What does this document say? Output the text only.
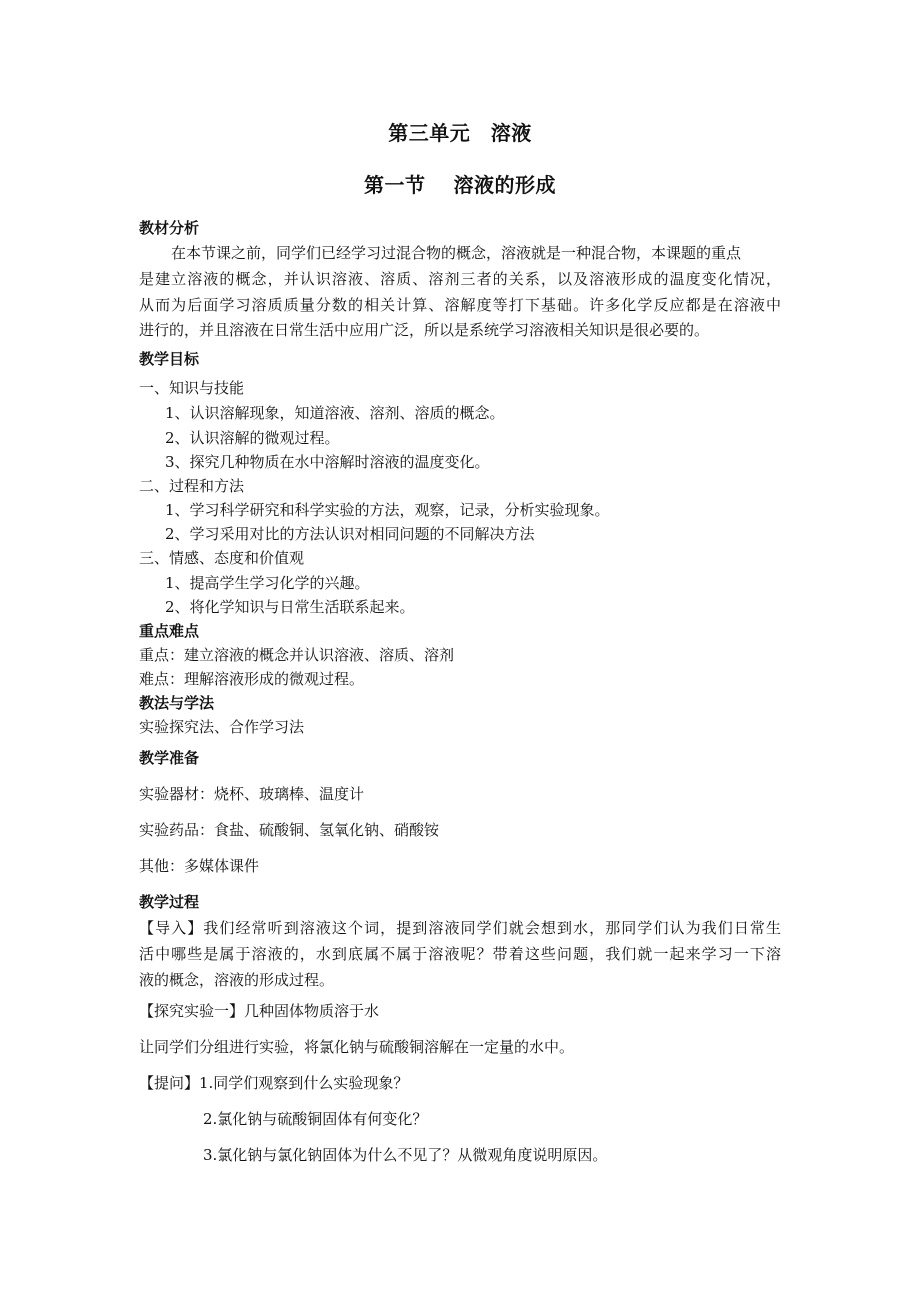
第三单元　溶液
第一节　 溶液的形成
教材分析
在本节课之前，同学们已经学习过混合物的概念，溶液就是一种混合物，本课题的重点
是建立溶液的概念，并认识溶液、溶质、溶剂三者的关系，以及溶液形成的温度变化情况，
从而为后面学习溶质质量分数的相关计算、溶解度等打下基础。许多化学反应都是在溶液中
进行的，并且溶液在日常生活中应用广泛，所以是系统学习溶液相关知识是很必要的。
教学目标
一、知识与技能
1、认识溶解现象，知道溶液、溶剂、溶质的概念。
2、认识溶解的微观过程。
3、探究几种物质在水中溶解时溶液的温度变化。
二、过程和方法
1、学习科学研究和科学实验的方法，观察，记录，分析实验现象。
2、学习采用对比的方法认识对相同问题的不同解决方法
三、情感、态度和价值观
1、提高学生学习化学的兴趣。
2、将化学知识与日常生活联系起来。
重点难点
重点：建立溶液的概念并认识溶液、溶质、溶剂
难点：理解溶液形成的微观过程。
教法与学法
实验探究法、合作学习法
教学准备
实验器材：烧杯、玻璃棒、温度计
实验药品：食盐、硫酸铜、氢氧化钠、硝酸铵
其他：多媒体课件
教学过程
【导入】我们经常听到溶液这个词，提到溶液同学们就会想到水，那同学们认为我们日常生
活中哪些是属于溶液的，水到底属不属于溶液呢？带着这些问题，我们就一起来学习一下溶
液的概念，溶液的形成过程。
【探究实验一】几种固体物质溶于水
让同学们分组进行实验，将氯化钠与硫酸铜溶解在一定量的水中。
【提问】1.同学们观察到什么实验现象？
2.氯化钠与硫酸铜固体有何变化？
3.氯化钠与氯化钠固体为什么不见了？从微观角度说明原因。
